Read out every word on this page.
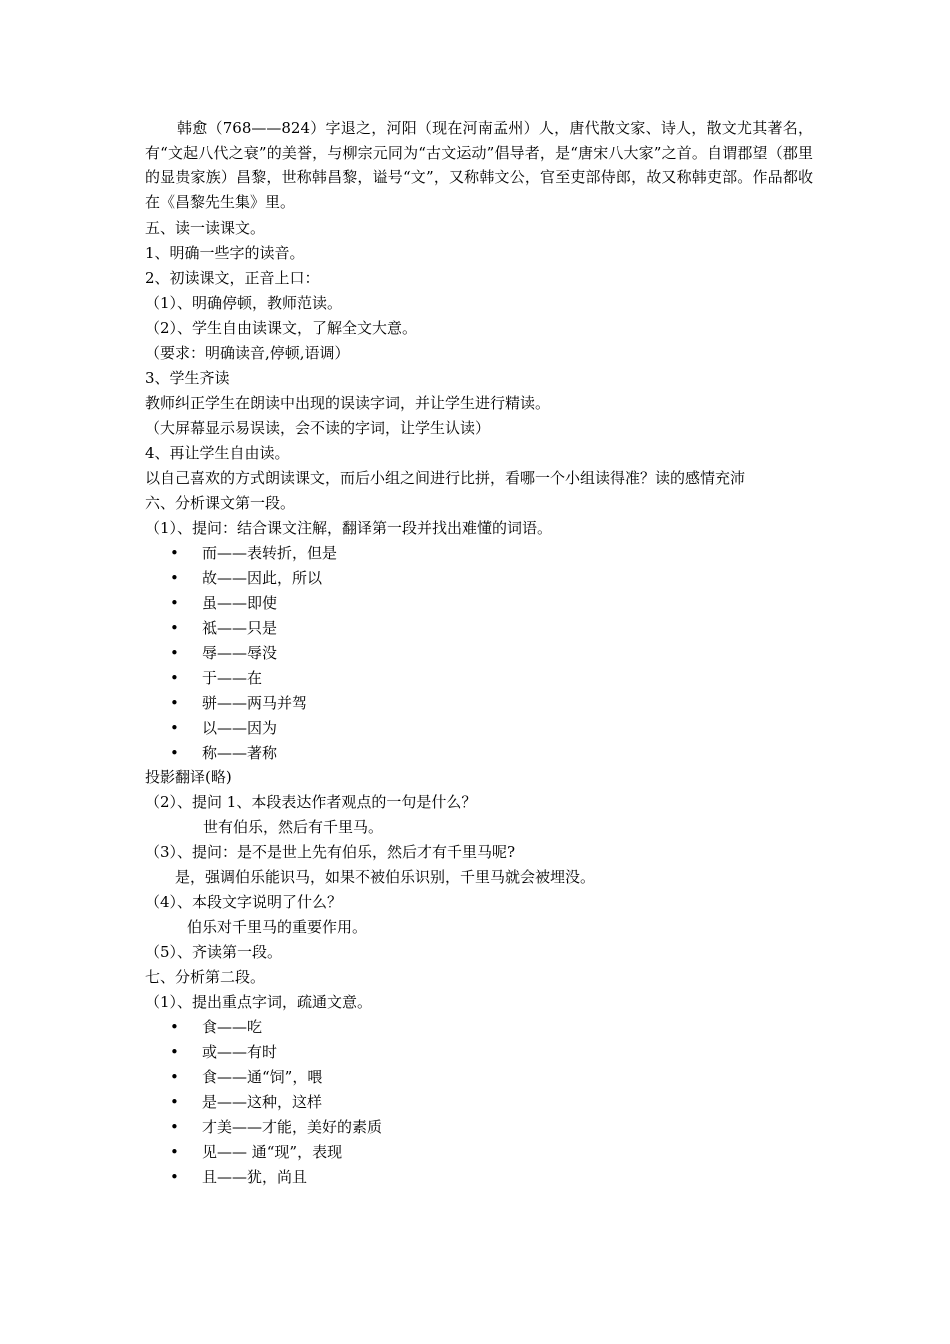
韩愈（768——824）字退之，河阳（现在河南孟州）人，唐代散文家、诗人，散文尤其著名，有“文起八代之衰”的美誉，与柳宗元同为“古文运动”倡导者，是“唐宋八大家”之首。自谓郡望（郡里的显贵家族）昌黎，世称韩昌黎，谥号“文”，又称韩文公，官至吏部侍郎，故又称韩吏部。作品都收在《昌黎先生集》里。

五、读一读课文。
1、明确一些字的读音。
2、初读课文，正音上口：
（1）、明确停顿，教师范读。
（2）、学生自由读课文，了解全文大意。
（要求：明确读音,停顿,语调）
3、学生齐读
教师纠正学生在朗读中出现的误读字词，并让学生进行精读。
（大屏幕显示易误读，会不读的字词，让学生认读）
4、再让学生自由读。
以自己喜欢的方式朗读课文，而后小组之间进行比拼，看哪一个小组读得准？读的感情充沛
六、分析课文第一段。
（1）、提问：结合课文注解，翻译第一段并找出难懂的词语。
• 而——表转折，但是
• 故——因此，所以
• 虽——即使
• 祗——只是
• 辱——辱没
• 于——在
• 骈——两马并驾
• 以——因为
• 称——著称
投影翻译(略)
（2）、提问 1、本段表达作者观点的一句是什么？
世有伯乐，然后有千里马。
（3）、提问：是不是世上先有伯乐，然后才有千里马呢?
是，强调伯乐能识马，如果不被伯乐识别，千里马就会被埋没。
（4）、本段文字说明了什么？
伯乐对千里马的重要作用。
（5）、齐读第一段。
七、分析第二段。
（1）、提出重点字词，疏通文意。
• 食——吃
• 或——有时
• 食——通“饲”，喂
• 是——这种，这样
• 才美——才能，美好的素质
• 见—— 通“现”，表现
• 且——犹，尚且
